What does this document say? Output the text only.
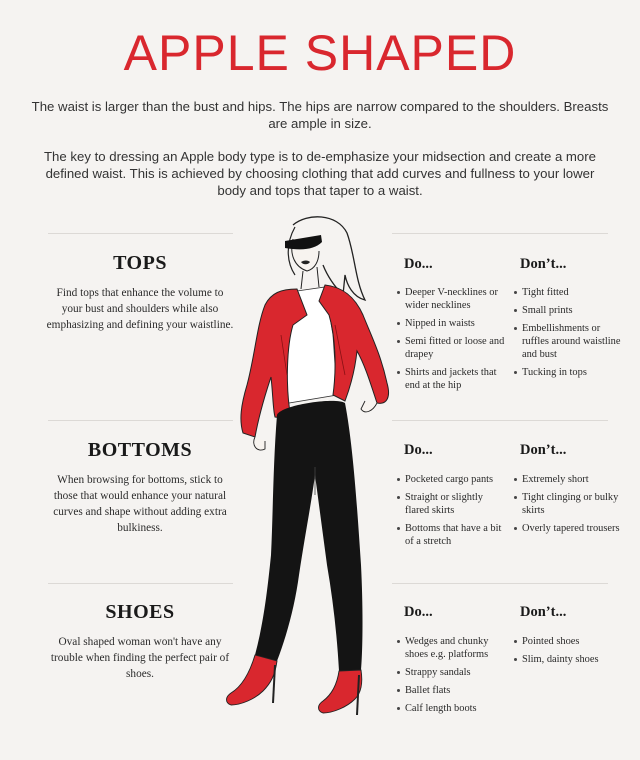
APPLE SHAPED

The waist is larger than the bust and hips. The hips are narrow compared to the shoulders. Breasts are ample in size.

The key to dressing an Apple body type is to de-emphasize your midsection and create a more defined waist. This is achieved by choosing clothing that add curves and fullness to your lower body and tops that taper to a waist.

TOPS

Find tops that enhance the volume to your bust and shoulders while also emphasizing and defining your waistline.

Do...	Don’t...
Deeper V-necklines or wider necklines
Nipped in waists
Semi fitted or loose and drapey
Shirts and jackets that end at the hip
Tight fitted
Small prints
Embellishments or ruffles around waistline and bust
Tucking in tops
BOTTOMS

When browsing for bottoms, stick to those that would enhance your natural curves and shape without adding extra bulkiness.

Do...	Don’t...
Pocketed cargo pants
Straight or slightly flared skirts
Bottoms that have a bit of a stretch
Extremely short
Tight clinging or bulky skirts
Overly tapered trousers
SHOES

Oval shaped woman won't have any trouble when finding the perfect pair of shoes.

Do...	Don’t...
Wedges and chunky shoes e.g. platforms
Strappy sandals
Ballet flats
Calf length boots
Pointed shoes
Slim, dainty shoes
